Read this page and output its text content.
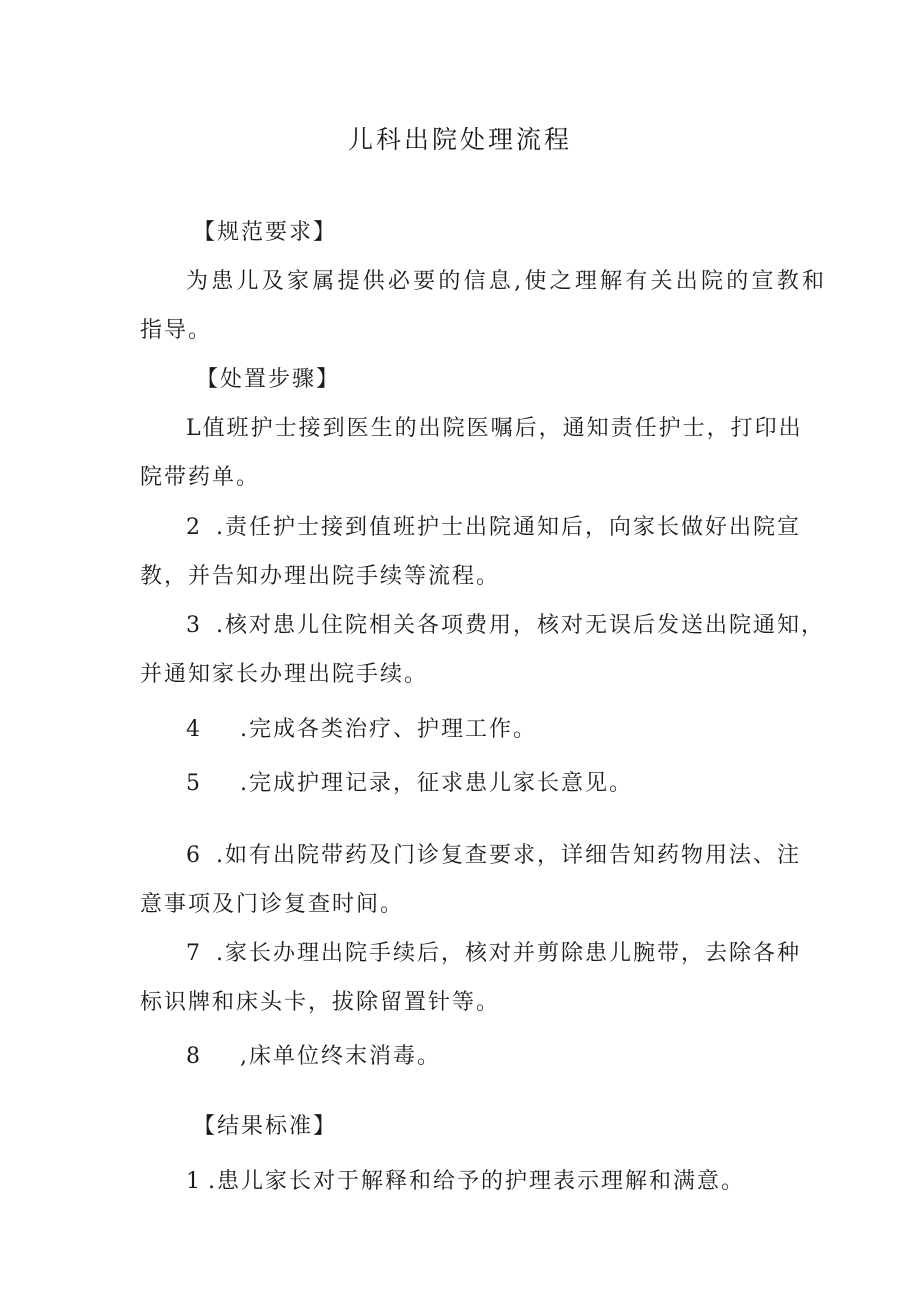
儿科出院处理流程
【规范要求】
为患儿及家属提供必要的信息,使之理解有关出院的宣教和
指导。
【处置步骤】
L值班护士接到医生的出院医嘱后，通知责任护士，打印出
院带药单。
2 .责任护士接到值班护士出院通知后，向家长做好出院宣
教，并告知办理出院手续等流程。
3 .核对患儿住院相关各项费用，核对无误后发送出院通知，
并通知家长办理出院手续。
4 .完成各类治疗、护理工作。
5 .完成护理记录，征求患儿家长意见。
6 .如有出院带药及门诊复查要求，详细告知药物用法、注
意事项及门诊复查时间。
7 .家长办理出院手续后，核对并剪除患儿腕带，去除各种
标识牌和床头卡，拔除留置针等。
8 ,床单位终末消毒。
【结果标准】
1 .患儿家长对于解释和给予的护理表示理解和满意。
